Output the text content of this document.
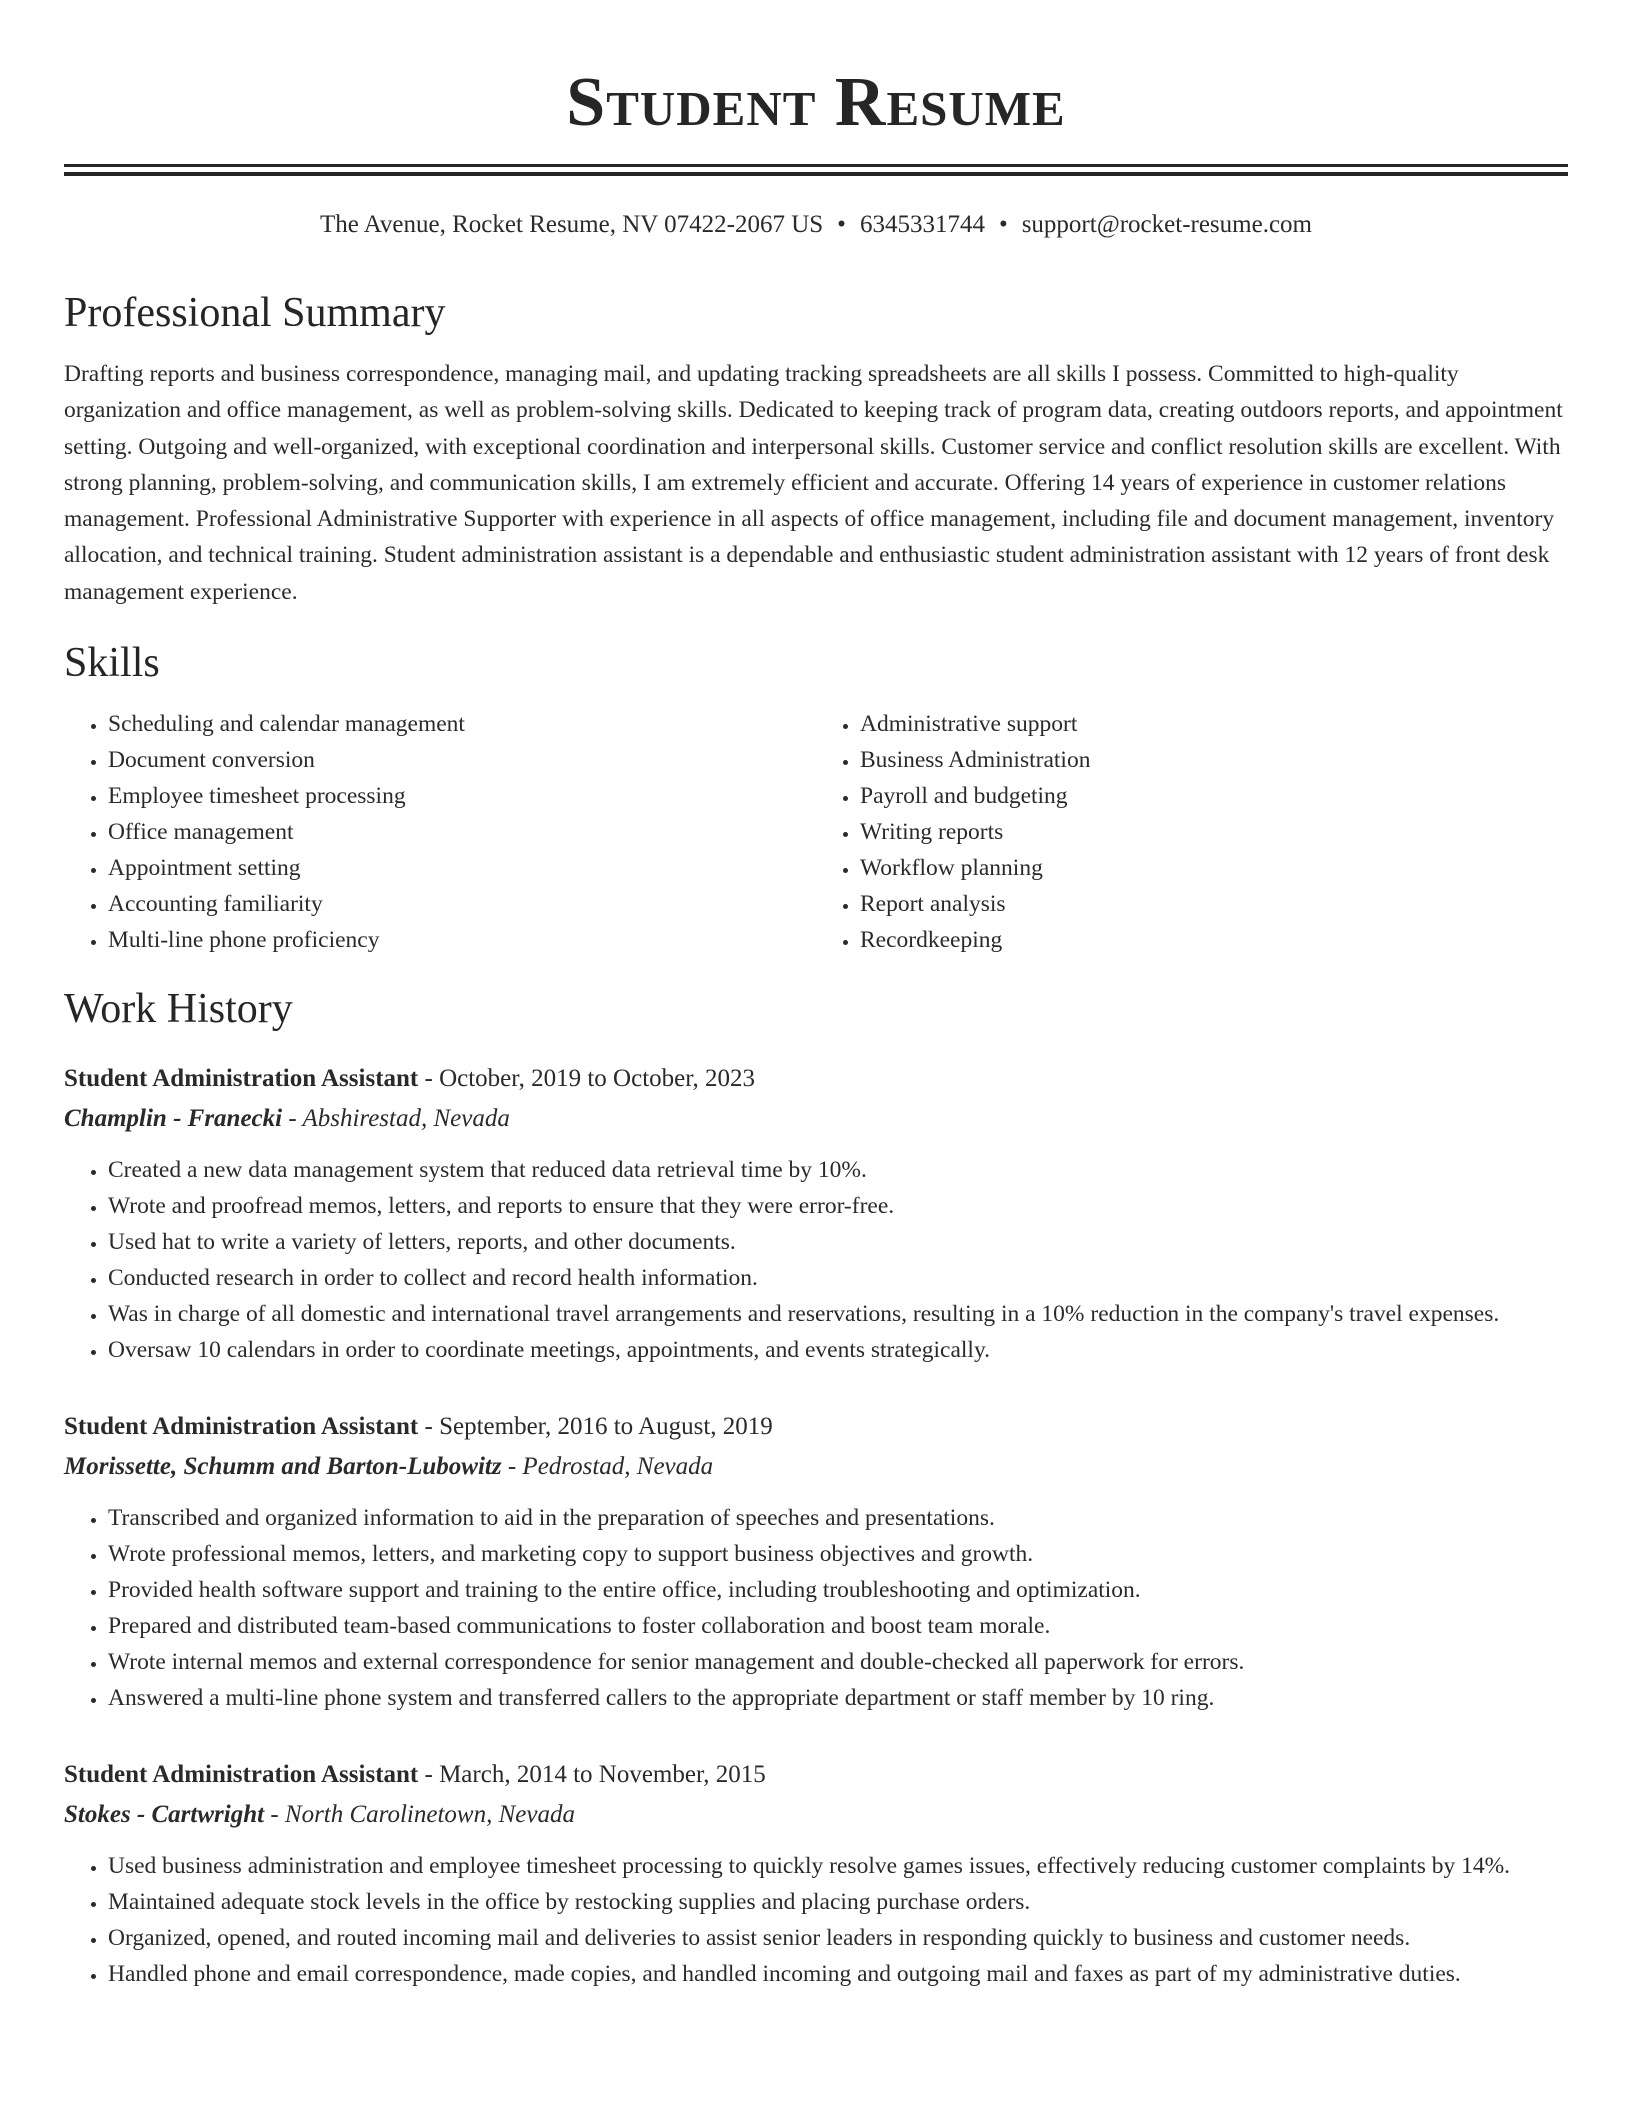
Student Resume
The Avenue, Rocket Resume, NV 07422-2067 US • 6345331744 • support@rocket-resume.com
Professional Summary

Drafting reports and business correspondence, managing mail, and updating tracking spreadsheets are all skills I possess. Committed to high-quality organization and office management, as well as problem-solving skills. Dedicated to keeping track of program data, creating outdoors reports, and appointment setting. Outgoing and well-organized, with exceptional coordination and interpersonal skills. Customer service and conflict resolution skills are excellent. With strong planning, problem-solving, and communication skills, I am extremely efficient and accurate. Offering 14 years of experience in customer relations management. Professional Administrative Supporter with experience in all aspects of office management, including file and document management, inventory allocation, and technical training. Student administration assistant is a dependable and enthusiastic student administration assistant with 12 years of front desk management experience.

Skills
• Scheduling and calendar management
• Document conversion
• Employee timesheet processing
• Office management
• Appointment setting
• Accounting familiarity
• Multi-line phone proficiency
• Administrative support
• Business Administration
• Payroll and budgeting
• Writing reports
• Workflow planning
• Report analysis
• Recordkeeping
Work History
Student Administration Assistant - October, 2019 to October, 2023
Champlin - Franecki - Abshirestad, Nevada
• Created a new data management system that reduced data retrieval time by 10%.
• Wrote and proofread memos, letters, and reports to ensure that they were error-free.
• Used hat to write a variety of letters, reports, and other documents.
• Conducted research in order to collect and record health information.
• Was in charge of all domestic and international travel arrangements and reservations, resulting in a 10% reduction in the company's travel expenses.
• Oversaw 10 calendars in order to coordinate meetings, appointments, and events strategically.
Student Administration Assistant - September, 2016 to August, 2019
Morissette, Schumm and Barton-Lubowitz - Pedrostad, Nevada
• Transcribed and organized information to aid in the preparation of speeches and presentations.
• Wrote professional memos, letters, and marketing copy to support business objectives and growth.
• Provided health software support and training to the entire office, including troubleshooting and optimization.
• Prepared and distributed team-based communications to foster collaboration and boost team morale.
• Wrote internal memos and external correspondence for senior management and double-checked all paperwork for errors.
• Answered a multi-line phone system and transferred callers to the appropriate department or staff member by 10 ring.
Student Administration Assistant - March, 2014 to November, 2015
Stokes - Cartwright - North Carolinetown, Nevada
• Used business administration and employee timesheet processing to quickly resolve games issues, effectively reducing customer complaints by 14%.
• Maintained adequate stock levels in the office by restocking supplies and placing purchase orders.
• Organized, opened, and routed incoming mail and deliveries to assist senior leaders in responding quickly to business and customer needs.
• Handled phone and email correspondence, made copies, and handled incoming and outgoing mail and faxes as part of my administrative duties.
